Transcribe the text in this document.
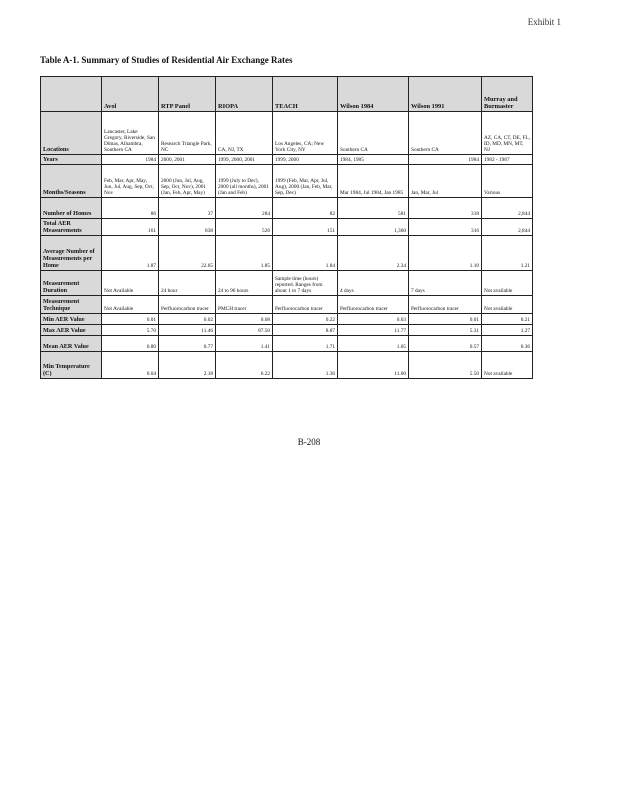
Exhibit 1
Table A-1. Summary of Studies of Residential Air Exchange Rates
	Avol	RTP Panel	RIOPA	TEACH	Wilson 1984	Wilson 1991	Murray and Burmaster
Locations	Lancaster, Lake Gregory, Riverside, San Dimas, Alhambra, Southern CA	Research Triangle Park, NC	CA, NJ, TX	Los Angeles, CA; New York City, NY	Southern CA	Southern CA	AZ, CA, CT, DE, FL, ID, MD, MN, MT, NJ
Years	1984	2000, 2001	1999, 2000, 2001	1999, 2000	1984, 1985	1984	1982 - 1987
Months/Seasons	Feb, Mar, Apr, May, Jun, Jul, Aug, Sep, Oct, Nov	2000 (Jun, Jul, Aug, Sep, Oct, Nov), 2001 (Jan, Feb, Apr, May)	1999 (July to Dec), 2000 (all months), 2001 (Jan and Feb)	1999 (Feb, Mar, Apr, Jul, Aug), 2000 (Jan, Feb, Mar, Sep, Dec)	Mar 1984, Jul 1984, Jan 1985	Jan, Mar, Jul	Various
Number of Homes	86	37	284	82	581	318	2,844
Total AER Measurements	161	838	526	151	1,360	316	2,844
Average Number of Measurements per Home	1.87	22.65	1.85	1.84	2.34	1.10	1.21
Measurement Duration	Not Available	24 hour	24 to 96 hours	Sample time (hours) reported. Ranges from about 1 to 7 days	4 days	7 days	Not available
Measurement Technique	Not Available	Perfluorocarbon tracer	PMCH tracer	Perfluorocarbon tracer	Perfluorocarbon tracer	Perfluorocarbon tracer	Not available
Min AER Value	0.01	0.02	0.08	0.22	0.03	0.01	0.21
Max AER Value	5.70	11.46	87.50	8.87	11.77	5.31	1.27
Mean AER Value	0.80	0.77	1.41	1.71	1.05	0.57	0.36
Min Temperature (C)	0.04	2.18	6.22	1.36	11.00	5.50	Not available
B-208
